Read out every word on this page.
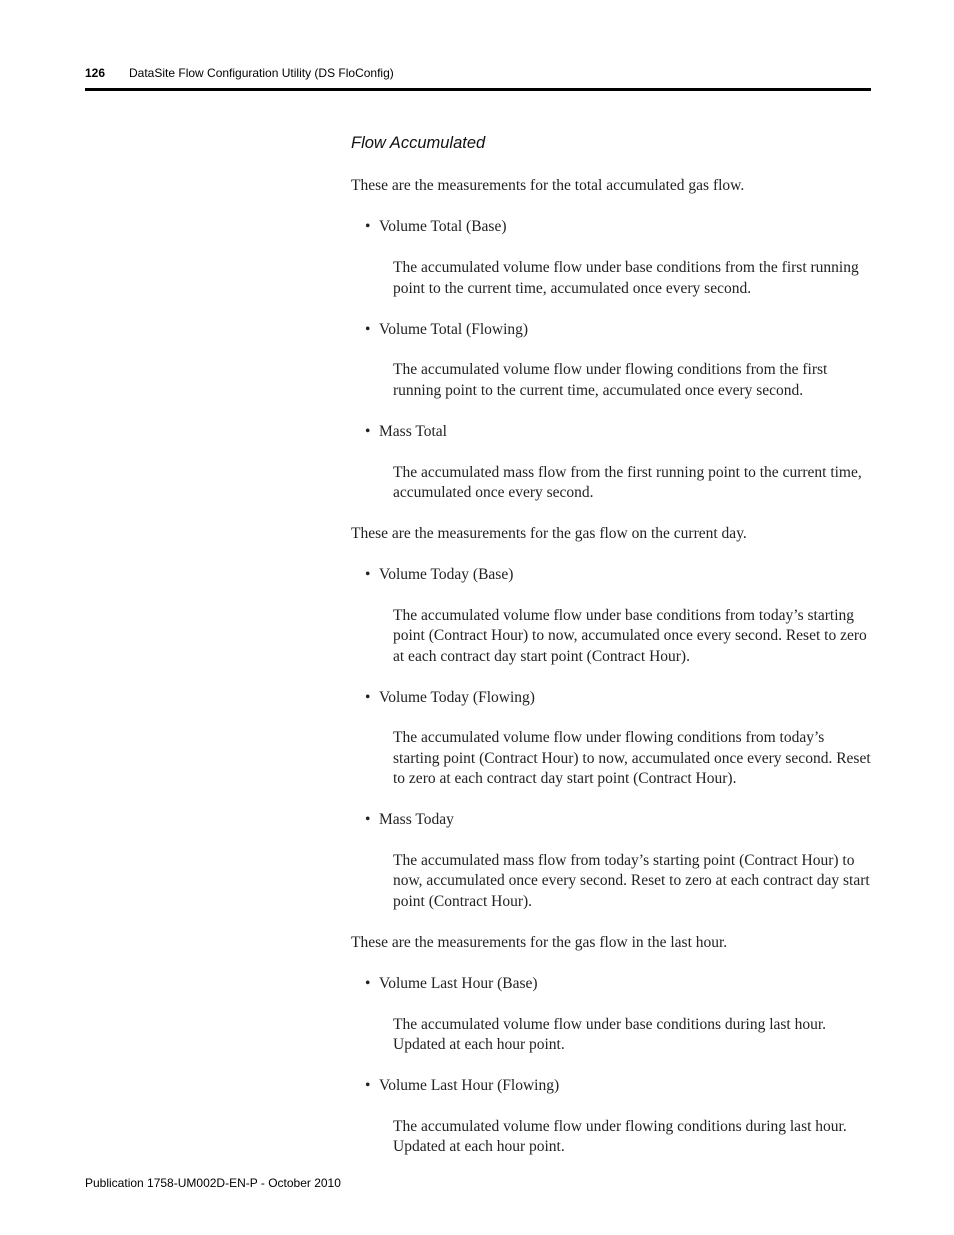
126 DataSite Flow Configuration Utility (DS FloConfig)
Flow Accumulated

These are the measurements for the total accumulated gas flow.

• Volume Total (Base)

The accumulated volume flow under base conditions from the first running point to the current time, accumulated once every second.

• Volume Total (Flowing)

The accumulated volume flow under flowing conditions from the first running point to the current time, accumulated once every second.

• Mass Total

The accumulated mass flow from the first running point to the current time, accumulated once every second.

These are the measurements for the gas flow on the current day.

• Volume Today (Base)

The accumulated volume flow under base conditions from today’s starting point (Contract Hour) to now, accumulated once every second. Reset to zero at each contract day start point (Contract Hour).

• Volume Today (Flowing)

The accumulated volume flow under flowing conditions from today’s starting point (Contract Hour) to now, accumulated once every second. Reset to zero at each contract day start point (Contract Hour).

• Mass Today

The accumulated mass flow from today’s starting point (Contract Hour) to now, accumulated once every second. Reset to zero at each contract day start point (Contract Hour).

These are the measurements for the gas flow in the last hour.

• Volume Last Hour (Base)

The accumulated volume flow under base conditions during last hour. Updated at each hour point.

• Volume Last Hour (Flowing)

The accumulated volume flow under flowing conditions during last hour. Updated at each hour point.

Publication 1758-UM002D-EN-P - October 2010
